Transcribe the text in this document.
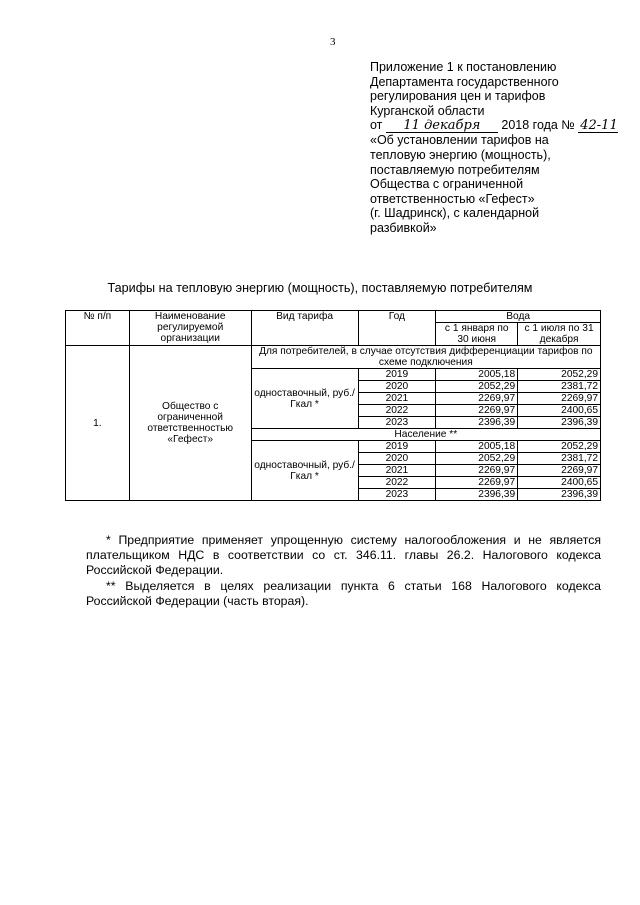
3
Приложение 1 к постановлению
Департамента государственного
регулирования цен и тарифов
Курганской области
от 11 декабря 2018 года № 42-11
«Об установлении тарифов на
тепловую энергию (мощность),
поставляемую потребителям
Общества с ограниченной
ответственностью «Гефест»
(г. Шадринск), с календарной
разбивкой»
Тарифы на тепловую энергию (мощность), поставляемую потребителям
№ п/п	Наименование регулируемой организации	Вид тарифа	Год	Вода	
				с 1 января по 30 июня	с 1 июля по 31 декабря
1.	Общество с ограниченной ответственностью «Гефест»	Для потребителей, в случае отсутствия дифференциации тарифов по схеме подключения			
		одноставочный, руб./Гкал *	2019	2005,18	2052,29
			2020	2052,29	2381,72
			2021	2269,97	2269,97
			2022	2269,97	2400,65
			2023	2396,39	2396,39
		Население **			
		одноставочный, руб./Гкал *	2019	2005,18	2052,29
			2020	2052,29	2381,72
			2021	2269,97	2269,97
			2022	2269,97	2400,65
			2023	2396,39	2396,39
·
* Предприятие применяет упрощенную систему налогообложения и не является плательщиком НДС в соответствии со ст. 346.11. главы 26.2. Налогового кодекса Российской Федерации.
** Выделяется в целях реализации пункта 6 статьи 168 Налогового кодекса Российской Федерации (часть вторая).
